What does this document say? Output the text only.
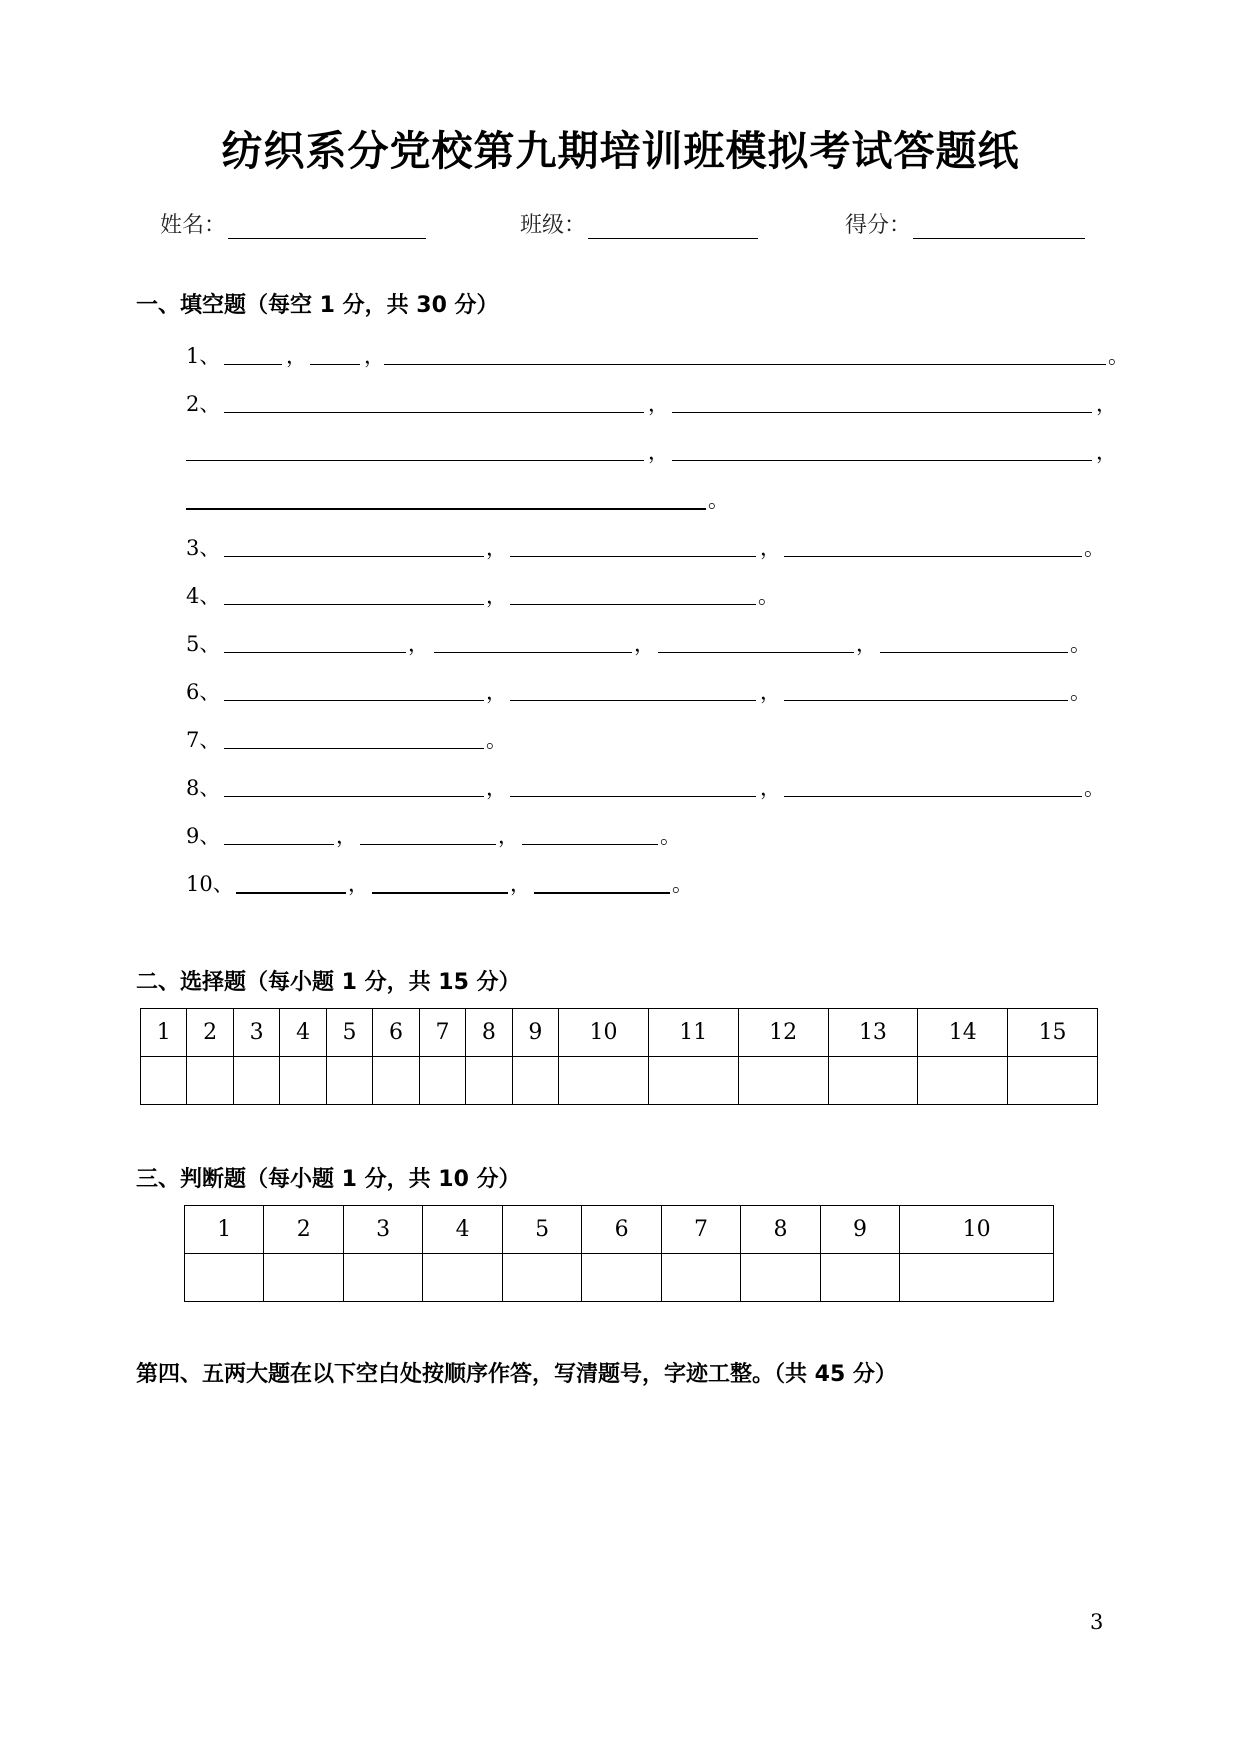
纺织系分党校第九期培训班模拟考试答题纸
姓名：	班级：	得分：
一、填空题（每空 1 分，共 30 分）
1、	，	，	。
2、	，	，
，	，
。
3、	，	，	。
4、	，	。
5、	，	，	，	。
6、	，	，	。
7、	。
8、	，	，	。
9、	，	，	。
10、	，	，	。
二、选择题（每小题 1 分，共 15 分）
1	2	3	4	5	6	7	8	9	10	11	12	13	14	15

三、判断题（每小题 1 分，共 10 分）
1	2	3	4	5	6	7	8	9	10

第四、五两大题在以下空白处按顺序作答，写清题号，字迹工整。（共 45 分）
3
